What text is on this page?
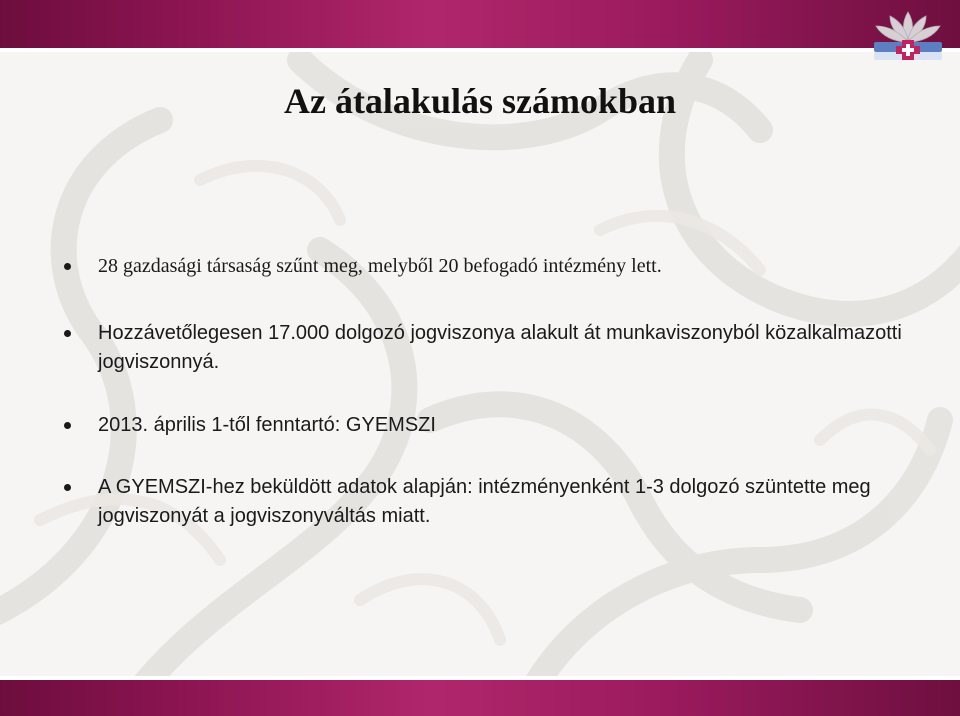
Az átalakulás számokban
28 gazdasági társaság szűnt meg, melyből 20 befogadó intézmény lett.
Hozzávetőlegesen 17.000 dolgozó jogviszonya alakult át munkaviszonyból közalkalmazotti jogviszonnyá.
2013. április 1-től fenntartó: GYEMSZI
A GYEMSZI-hez beküldött adatok alapján: intézményenként 1-3 dolgozó szüntette meg jogviszonyát a jogviszonyváltás miatt.
